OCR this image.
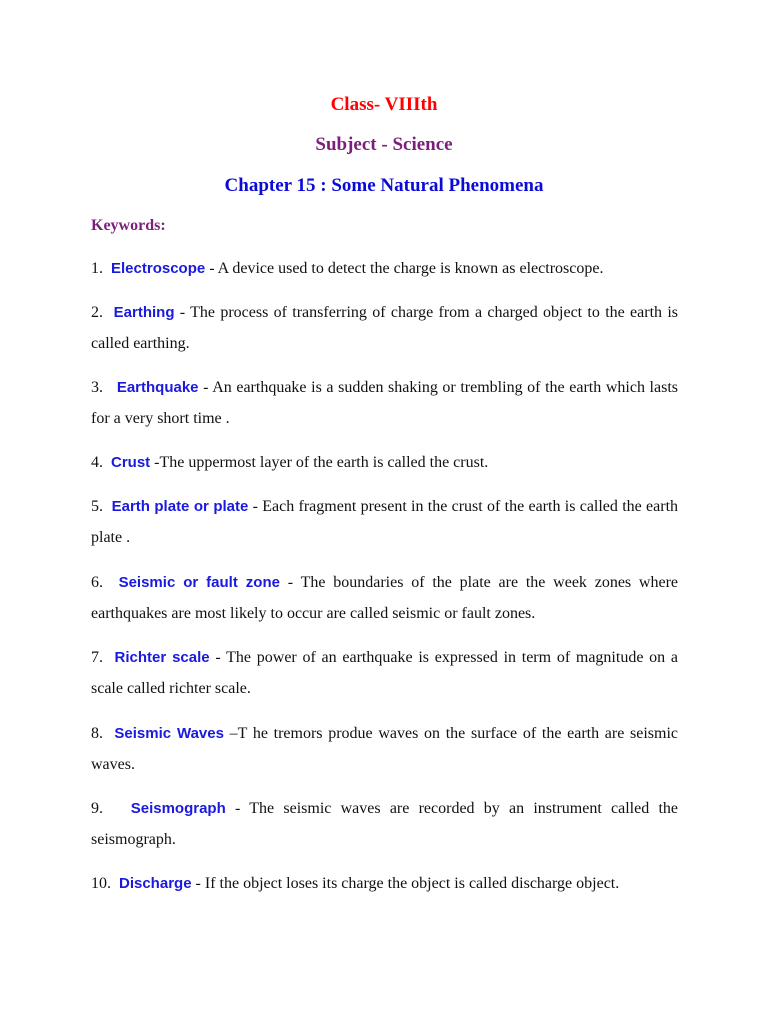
Class- VIIIth
Subject - Science
Chapter 15 : Some Natural Phenomena
Keywords:

1. Electroscope - A device used to detect the charge is known as electroscope.

2. Earthing - The process of transferring of charge from a charged object to the earth is called earthing.

3. Earthquake - An earthquake is a sudden shaking or trembling of the earth which lasts for a very short time .

4. Crust -The uppermost layer of the earth is called the crust.

5. Earth plate or plate - Each fragment present in the crust of the earth is called the earth plate .

6. Seismic or fault zone - The boundaries of the plate are the week zones where earthquakes are most likely to occur are called seismic or fault zones.

7. Richter scale - The power of an earthquake is expressed in term of magnitude on a scale called richter scale.

8. Seismic Waves –T he tremors produe waves on the surface of the earth are seismic waves.

9. Seismograph - The seismic waves are recorded by an instrument called the seismograph.

10. Discharge - If the object loses its charge the object is called discharge object.
